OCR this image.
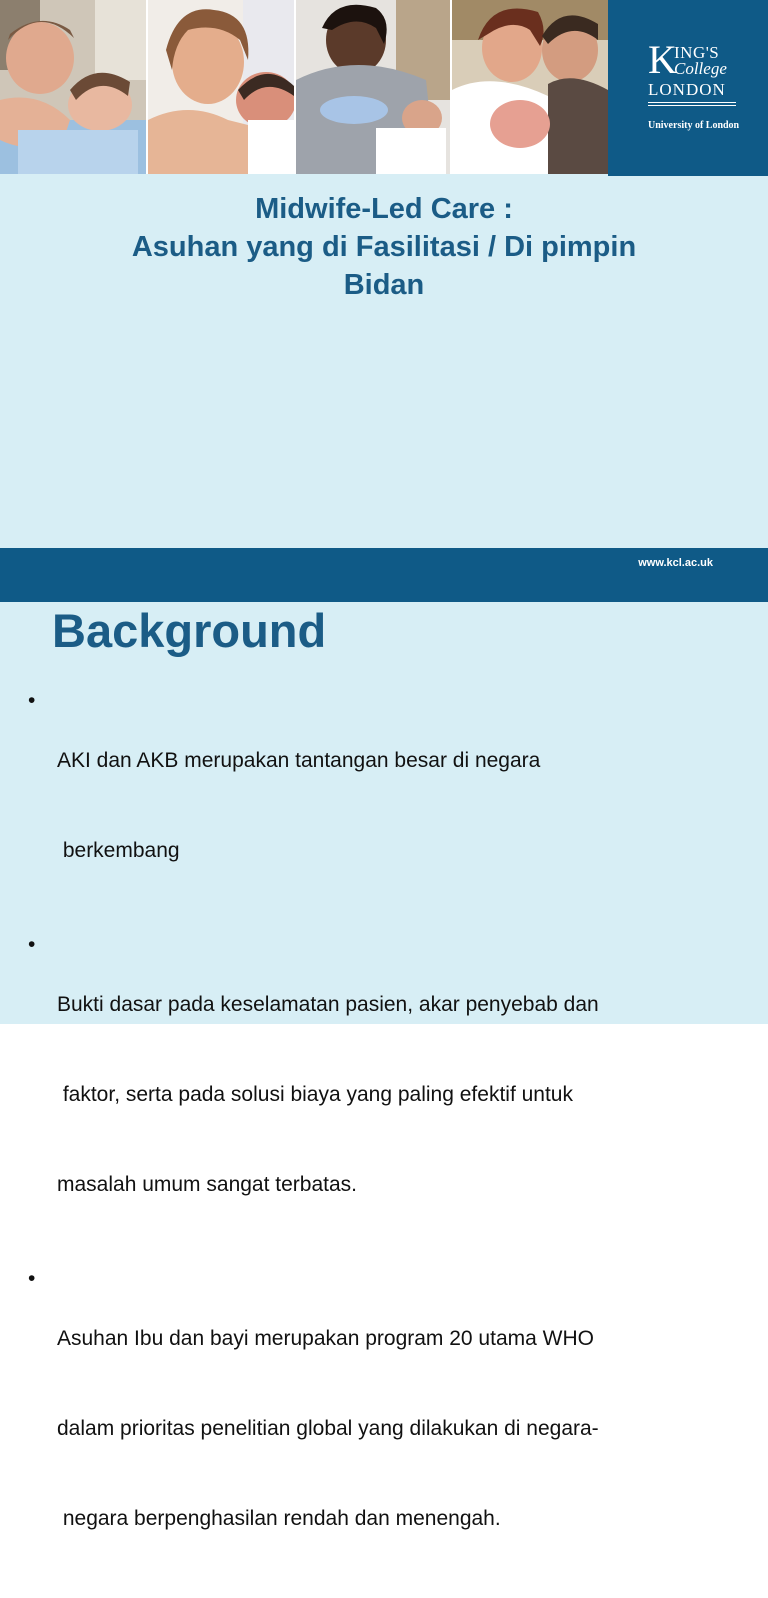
K
ING'S
College
LONDON
University of London
Midwife-Led Care :
Asuhan yang di Fasilitasi / Di pimpin
Bidan
www.kcl.ac.uk
Background
•

AKI dan AKB merupakan tantangan besar di negara

berkembang

•

Bukti dasar pada keselamatan pasien, akar penyebab dan

faktor, serta pada solusi biaya yang paling efektif untuk

masalah umum sangat terbatas.

•

Asuhan Ibu dan bayi merupakan program 20 utama WHO

dalam prioritas penelitian global yang dilakukan di negara-

negara berpenghasilan rendah dan menengah.
